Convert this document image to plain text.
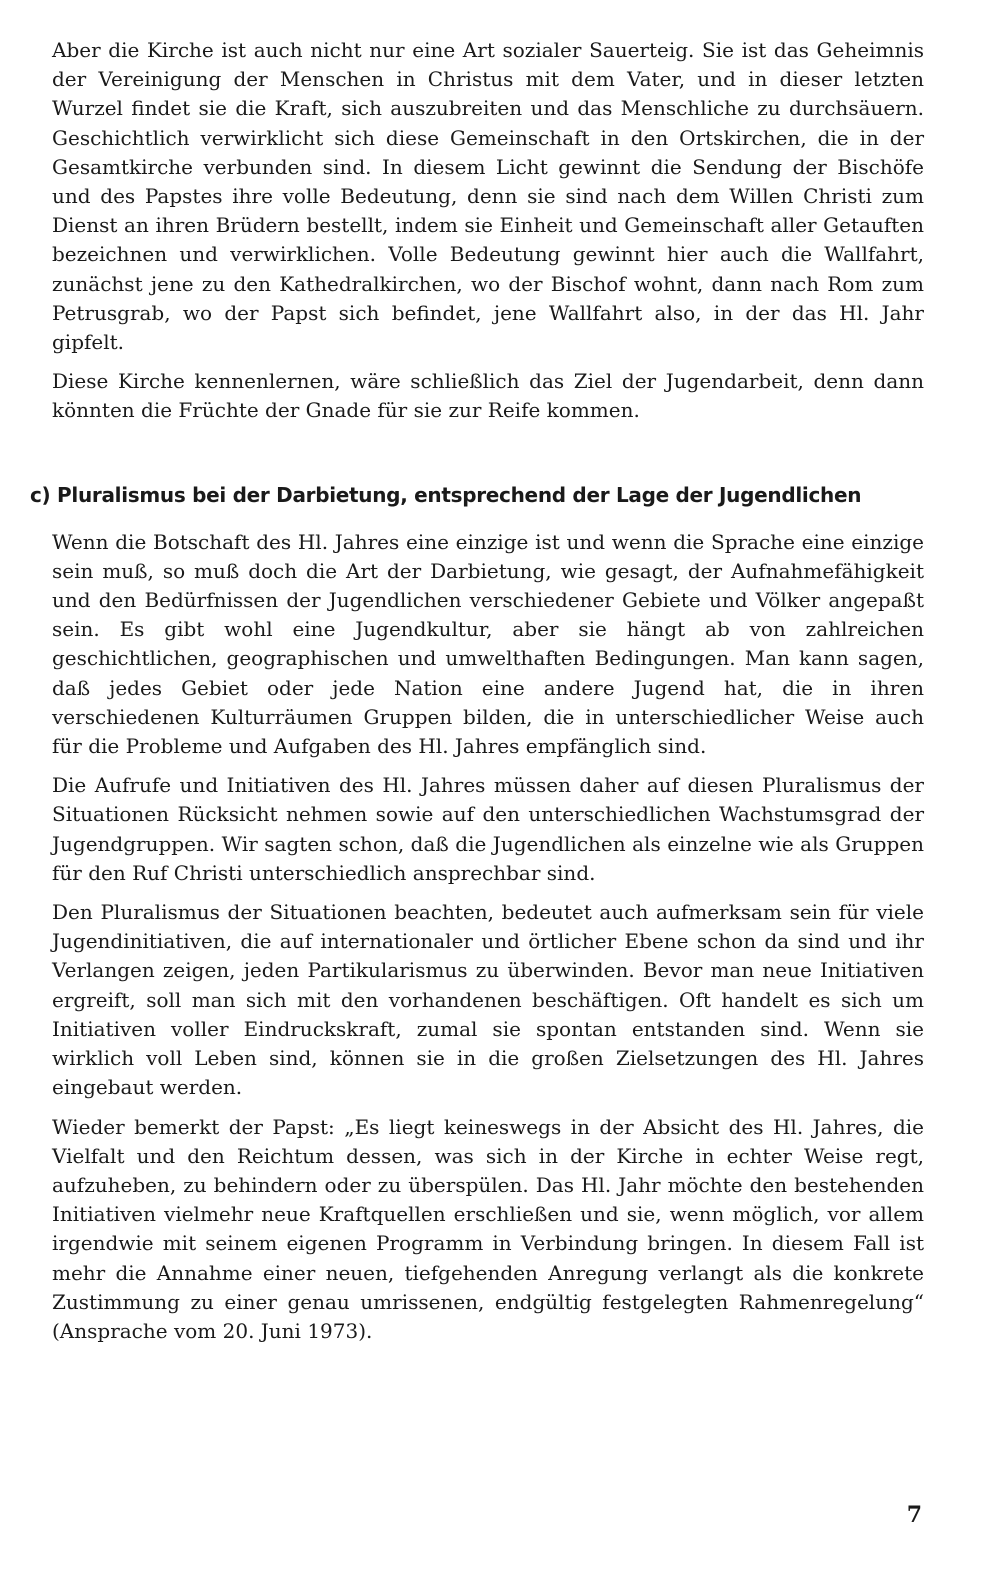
Aber die Kirche ist auch nicht nur eine Art sozialer Sauerteig. Sie ist das Geheimnis der Vereinigung der Menschen in Christus mit dem Vater, und in dieser letzten Wurzel findet sie die Kraft, sich auszubreiten und das Menschliche zu durchsäuern. Geschichtlich verwirklicht sich diese Gemeinschaft in den Ortskirchen, die in der Gesamtkirche verbunden sind. In diesem Licht gewinnt die Sendung der Bischöfe und des Papstes ihre volle Bedeutung, denn sie sind nach dem Willen Christi zum Dienst an ihren Brüdern bestellt, indem sie Einheit und Gemeinschaft aller Getauften bezeichnen und verwirklichen. Volle Bedeutung gewinnt hier auch die Wallfahrt, zunächst jene zu den Kathedralkirchen, wo der Bischof wohnt, dann nach Rom zum Petrusgrab, wo der Papst sich befindet, jene Wallfahrt also, in der das Hl. Jahr gipfelt.

Diese Kirche kennenlernen, wäre schließlich das Ziel der Jugendarbeit, denn dann könnten die Früchte der Gnade für sie zur Reife kommen.

c) Pluralismus bei der Darbietung, entsprechend der Lage der Jugendlichen

Wenn die Botschaft des Hl. Jahres eine einzige ist und wenn die Sprache eine einzige sein muß, so muß doch die Art der Darbietung, wie gesagt, der Aufnahmefähigkeit und den Bedürfnissen der Jugendlichen verschiedener Gebiete und Völker angepaßt sein. Es gibt wohl eine Jugendkultur, aber sie hängt ab von zahlreichen geschichtlichen, geographischen und umwelthaften Bedingungen. Man kann sagen, daß jedes Gebiet oder jede Nation eine andere Jugend hat, die in ihren verschiedenen Kulturräumen Gruppen bilden, die in unterschiedlicher Weise auch für die Probleme und Aufgaben des Hl. Jahres empfänglich sind.

Die Aufrufe und Initiativen des Hl. Jahres müssen daher auf diesen Pluralismus der Situationen Rücksicht nehmen sowie auf den unterschiedlichen Wachstumsgrad der Jugendgruppen. Wir sagten schon, daß die Jugendlichen als einzelne wie als Gruppen für den Ruf Christi unterschiedlich ansprechbar sind.

Den Pluralismus der Situationen beachten, bedeutet auch aufmerksam sein für viele Jugendinitiativen, die auf internationaler und örtlicher Ebene schon da sind und ihr Verlangen zeigen, jeden Partikularismus zu überwinden. Bevor man neue Initiativen ergreift, soll man sich mit den vorhandenen beschäftigen. Oft handelt es sich um Initiativen voller Eindruckskraft, zumal sie spontan entstanden sind. Wenn sie wirklich voll Leben sind, können sie in die großen Zielsetzungen des Hl. Jahres eingebaut werden.

Wieder bemerkt der Papst: „Es liegt keineswegs in der Absicht des Hl. Jahres, die Vielfalt und den Reichtum dessen, was sich in der Kirche in echter Weise regt, aufzuheben, zu behindern oder zu überspülen. Das Hl. Jahr möchte den bestehenden Initiativen vielmehr neue Kraftquellen erschließen und sie, wenn möglich, vor allem irgendwie mit seinem eigenen Programm in Verbindung bringen. In diesem Fall ist mehr die Annahme einer neuen, tiefgehenden Anregung verlangt als die konkrete Zustimmung zu einer genau umrissenen, endgültig festgelegten Rahmenregelung“ (Ansprache vom 20. Juni 1973).

7
